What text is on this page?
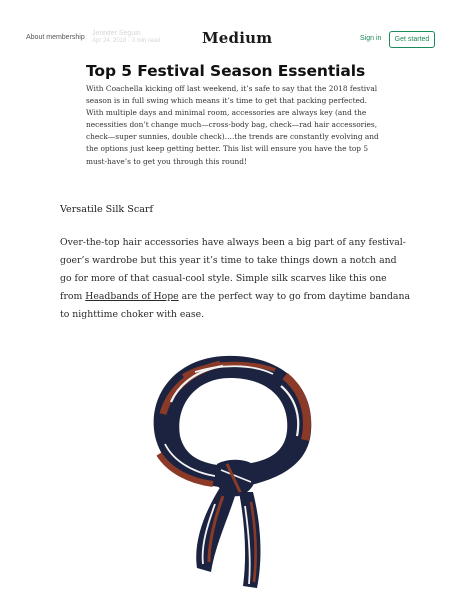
About membership
Jennifer Seguin
Apr 24, 2018 · 3 min read	Medium	Sign in	Get started
Top 5 Festival Season Essentials

With Coachella kicking off last weekend, it’s safe to say that the 2018 festival season is in full swing which means it’s time to get that packing perfected. With multiple days and minimal room, accessories are always key (and the necessities don’t change much—cross-body bag, check—rad hair accessories, check—super sunnies, double check)….the trends are constantly evolving and the options just keep getting better. This list will ensure you have the top 5 must-have’s to get you through this round!

Versatile Silk Scarf

Over-the-top hair accessories have always been a big part of any festival-goer’s wardrobe but this year it’s time to take things down a notch and go for more of that casual-cool style. Simple silk scarves like this one from Headbands of Hope are the perfect way to go from daytime bandana to nighttime choker with ease.
